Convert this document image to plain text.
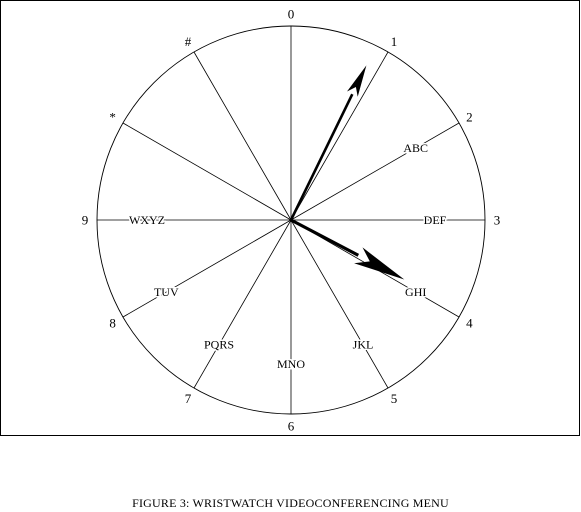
ABC
DEF
GHI
JKL
MNO
PQRS
TUV
WXYZ
0
1
2
3
4
5
6
7
8
9
*
#
FIGURE 3: WRISTWATCH VIDEOCONFERENCING MENU
